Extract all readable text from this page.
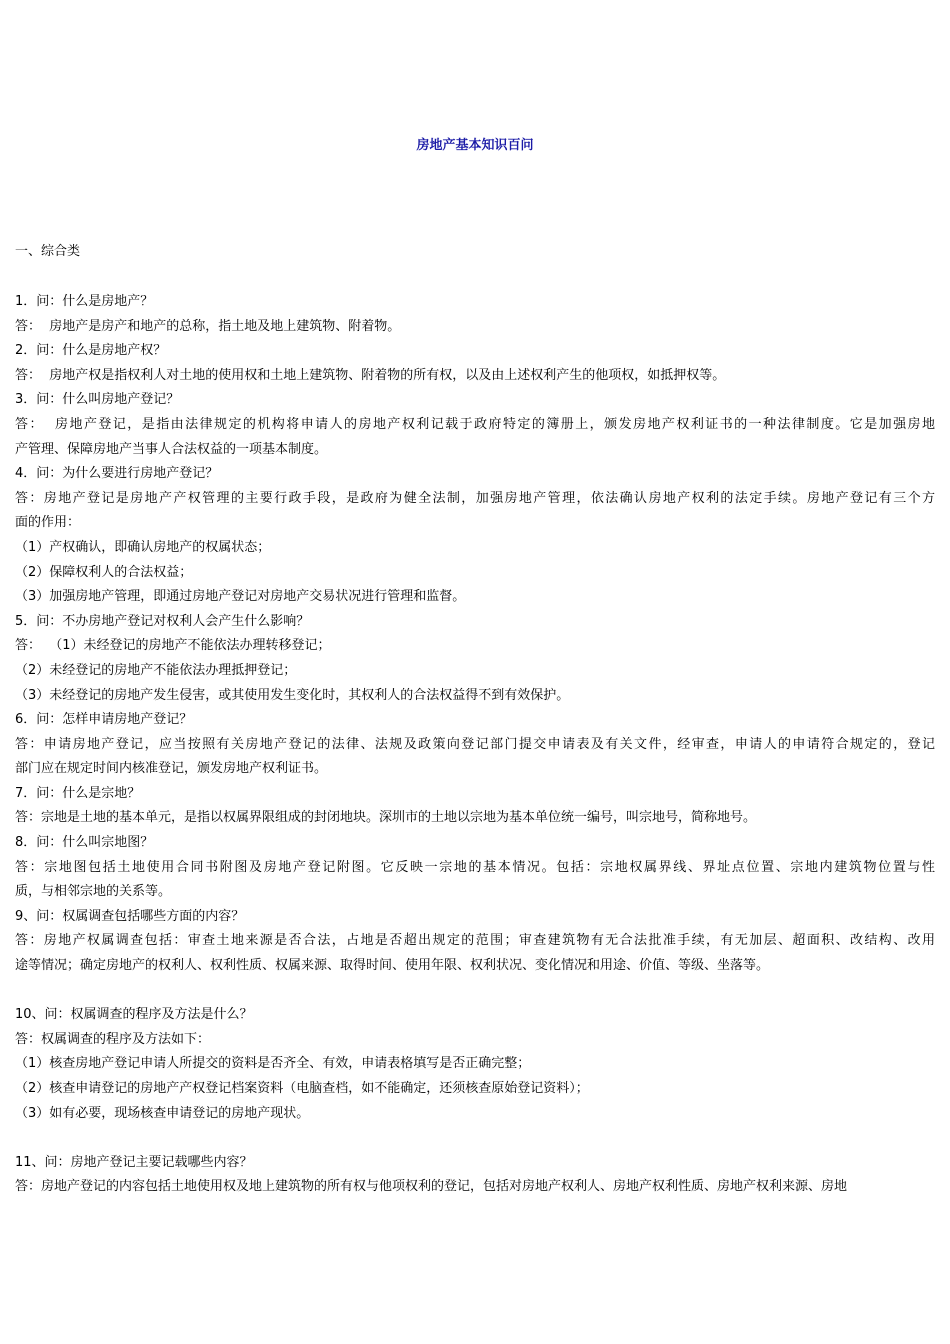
房地产基本知识百问
一、综合类

1．问：什么是房地产？

答：  房地产是房产和地产的总称，指土地及地上建筑物、附着物。

2．问：什么是房地产权？

答：  房地产权是指权利人对土地的使用权和土地上建筑物、附着物的所有权，以及由上述权利产生的他项权，如抵押权等。

3．问：什么叫房地产登记？

答：  房地产登记，是指由法律规定的机构将申请人的房地产权利记载于政府特定的簿册上，颁发房地产权利证书的一种法律制度。它是加强房地

产管理、保障房地产当事人合法权益的一项基本制度。

4．问：为什么要进行房地产登记？

答：房地产登记是房地产产权管理的主要行政手段，是政府为健全法制，加强房地产管理，依法确认房地产权利的法定手续。房地产登记有三个方

面的作用：

（1）产权确认，即确认房地产的权属状态；

（2）保障权利人的合法权益；

（3）加强房地产管理，即通过房地产登记对房地产交易状况进行管理和监督。

5．问：不办房地产登记对权利人会产生什么影响？

答：  （1）未经登记的房地产不能依法办理转移登记；

（2）未经登记的房地产不能依法办理抵押登记；

（3）未经登记的房地产发生侵害，或其使用发生变化时，其权利人的合法权益得不到有效保护。

6．问：怎样申请房地产登记？

答：申请房地产登记，应当按照有关房地产登记的法律、法规及政策向登记部门提交申请表及有关文件，经审查，申请人的申请符合规定的，登记

部门应在规定时间内核准登记，颁发房地产权利证书。

7．问：什么是宗地？

答：宗地是土地的基本单元，是指以权属界限组成的封闭地块。深圳市的土地以宗地为基本单位统一编号，叫宗地号，简称地号。

8．问：什么叫宗地图？

答：宗地图包括土地使用合同书附图及房地产登记附图。它反映一宗地的基本情况。包括：宗地权属界线、界址点位置、宗地内建筑物位置与性

质，与相邻宗地的关系等。

9、问：权属调查包括哪些方面的内容？

答：房地产权属调查包括：审查土地来源是否合法，占地是否超出规定的范围；审查建筑物有无合法批准手续，有无加层、超面积、改结构、改用

途等情况；确定房地产的权利人、权利性质、权属来源、取得时间、使用年限、权利状况、变化情况和用途、价值、等级、坐落等。

10、问：权属调查的程序及方法是什么？

答：权属调查的程序及方法如下：

（1）核查房地产登记申请人所提交的资料是否齐全、有效，申请表格填写是否正确完整；

（2）核查申请登记的房地产产权登记档案资料（电脑查档，如不能确定，还须核查原始登记资料）；

（3）如有必要，现场核查申请登记的房地产现状。

11、问：房地产登记主要记载哪些内容？

答：房地产登记的内容包括土地使用权及地上建筑物的所有权与他项权利的登记，包括对房地产权利人、房地产权利性质、房地产权利来源、房地
